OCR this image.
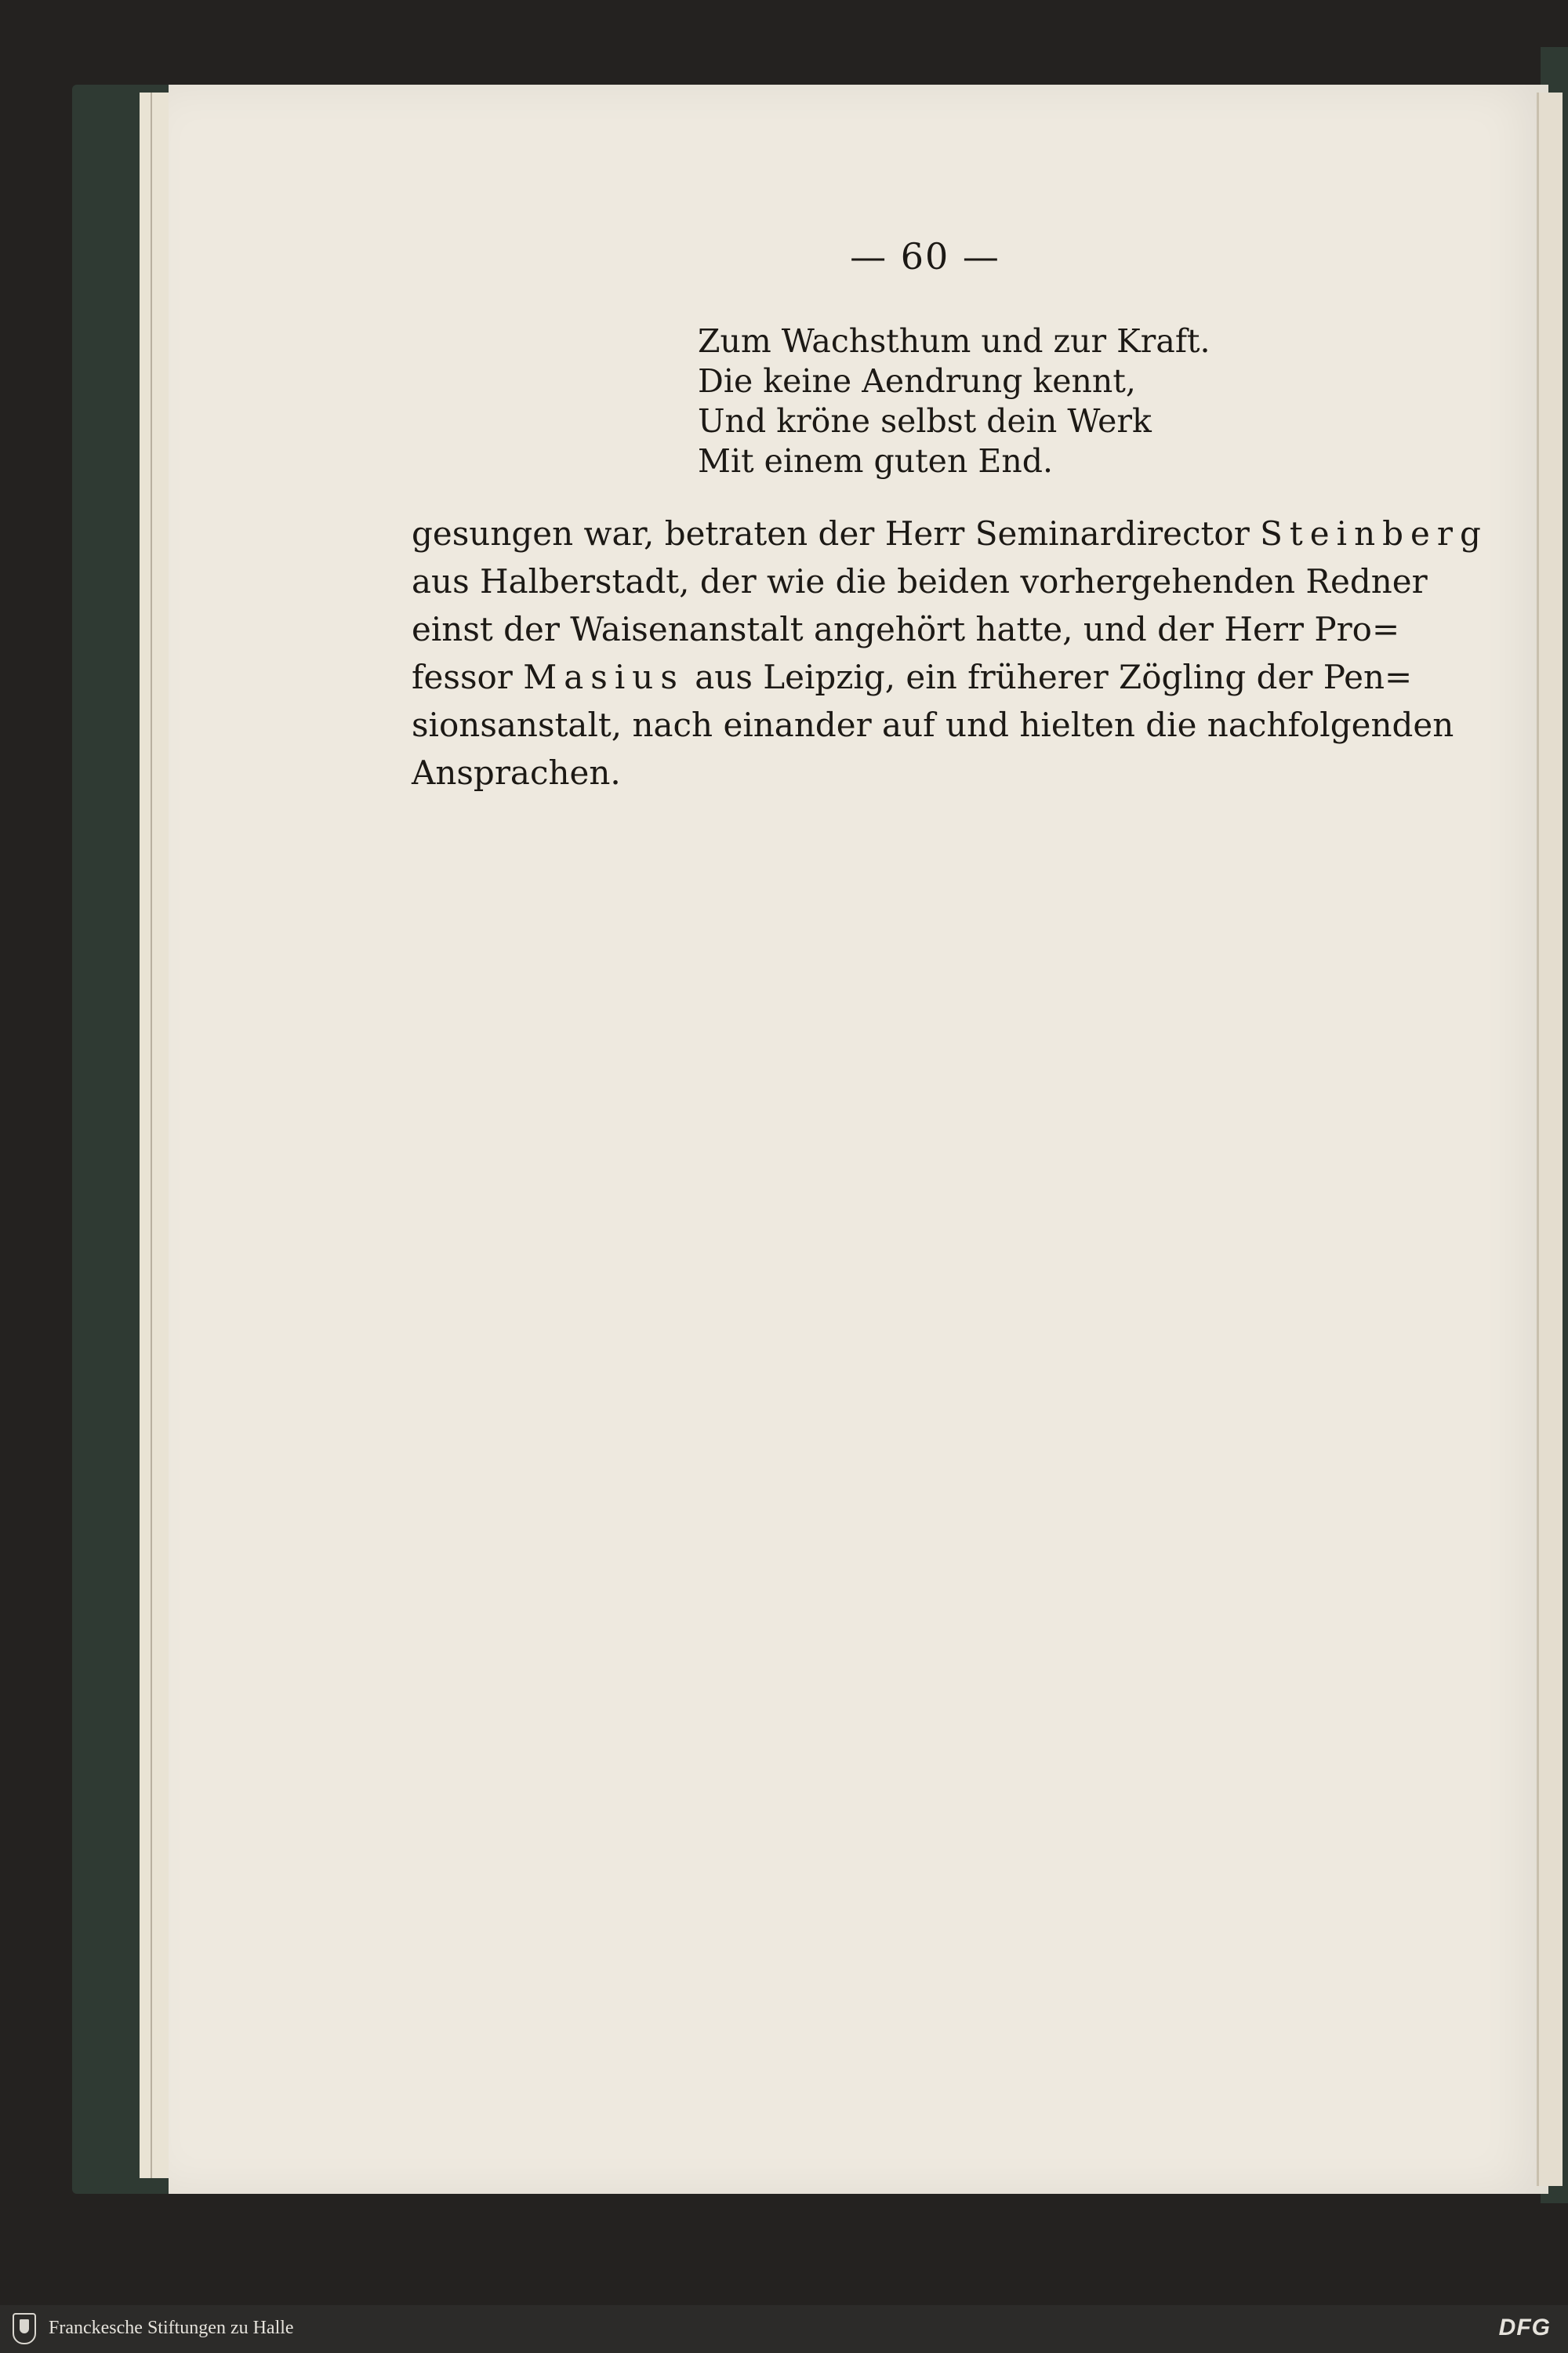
— 60 —
Zum Wachsthum und zur Kraft.
Die keine Aendrung kennt,
Und kröne selbst dein Werk
Mit einem guten End.
gesungen war, betraten der Herr Seminardirector Steinberg
aus Halberstadt, der wie die beiden vorhergehenden Redner
einst der Waisenanstalt angehört hatte, und der Herr Pro=
fessor Masius aus Leipzig, ein früherer Zögling der Pen=
sionsanstalt, nach einander auf und hielten die nachfolgenden
Ansprachen.
Franckesche Stiftungen zu Halle	DFG
